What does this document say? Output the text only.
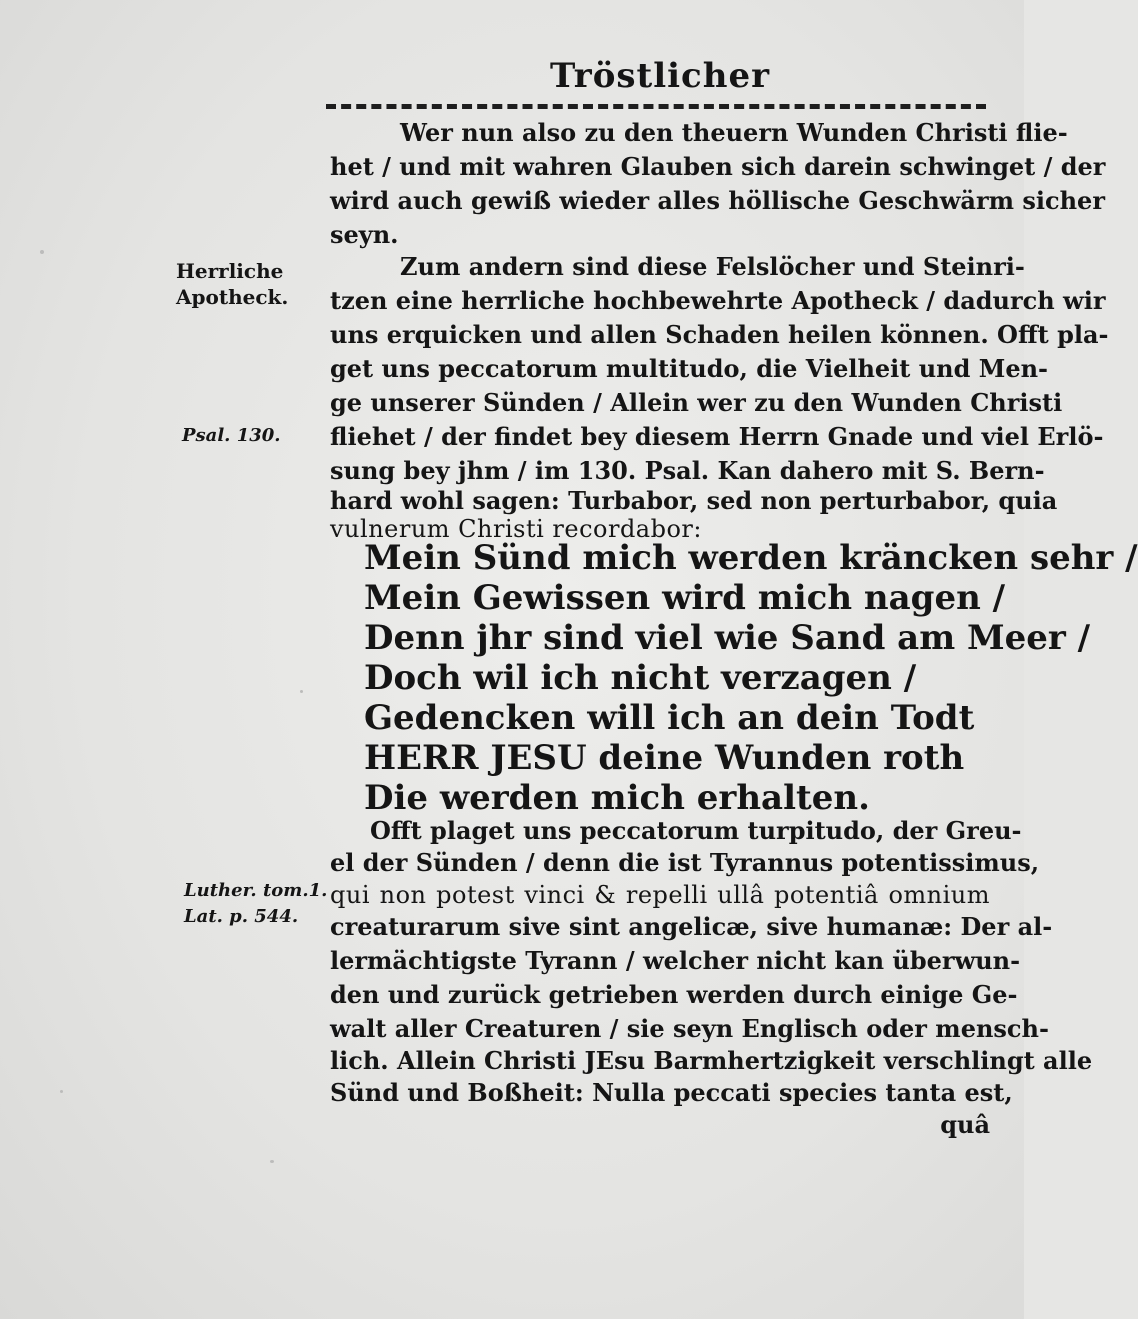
Tröstlicher
Herrliche
Apotheck.
Psal. 130.
Luther. tom.1.
Lat. p. 544.
Wer nun also zu den theuern Wunden Christi flie-
het / und mit wahren Glauben sich darein schwinget / der
wird auch gewiß wieder alles höllische Geschwärm sicher
seyn.
Zum andern sind diese Felslöcher und Steinri-
tzen eine herrliche hochbewehrte Apotheck / dadurch wir
uns erquicken und allen Schaden heilen können. Offt pla-
get uns peccatorum multitudo, die Vielheit und Men-
ge unserer Sünden / Allein wer zu den Wunden Christi
fliehet / der findet bey diesem Herrn Gnade und viel Erlö-
sung bey jhm / im 130. Psal. Kan dahero mit S. Bern-
hard wohl sagen: Turbabor, sed non perturbabor, quia
vulnerum Christi recordabor:
Mein Sünd mich werden kräncken sehr /
Mein Gewissen wird mich nagen /
Denn jhr sind viel wie Sand am Meer /
Doch wil ich nicht verzagen /
Gedencken will ich an dein Todt
HERR JESU deine Wunden roth
Die werden mich erhalten.
Offt plaget uns peccatorum turpitudo, der Greu-
el der Sünden / denn die ist Tyrannus potentissimus,
qui non potest vinci & repelli ullâ potentiâ omnium
creaturarum sive sint angelicæ, sive humanæ: Der al-
lermächtigste Tyrann / welcher nicht kan überwun-
den und zurück getrieben werden durch einige Ge-
walt aller Creaturen / sie seyn Englisch oder mensch-
lich. Allein Christi JEsu Barmhertzigkeit verschlingt alle
Sünd und Boßheit: Nulla peccati species tanta est,
quâ
